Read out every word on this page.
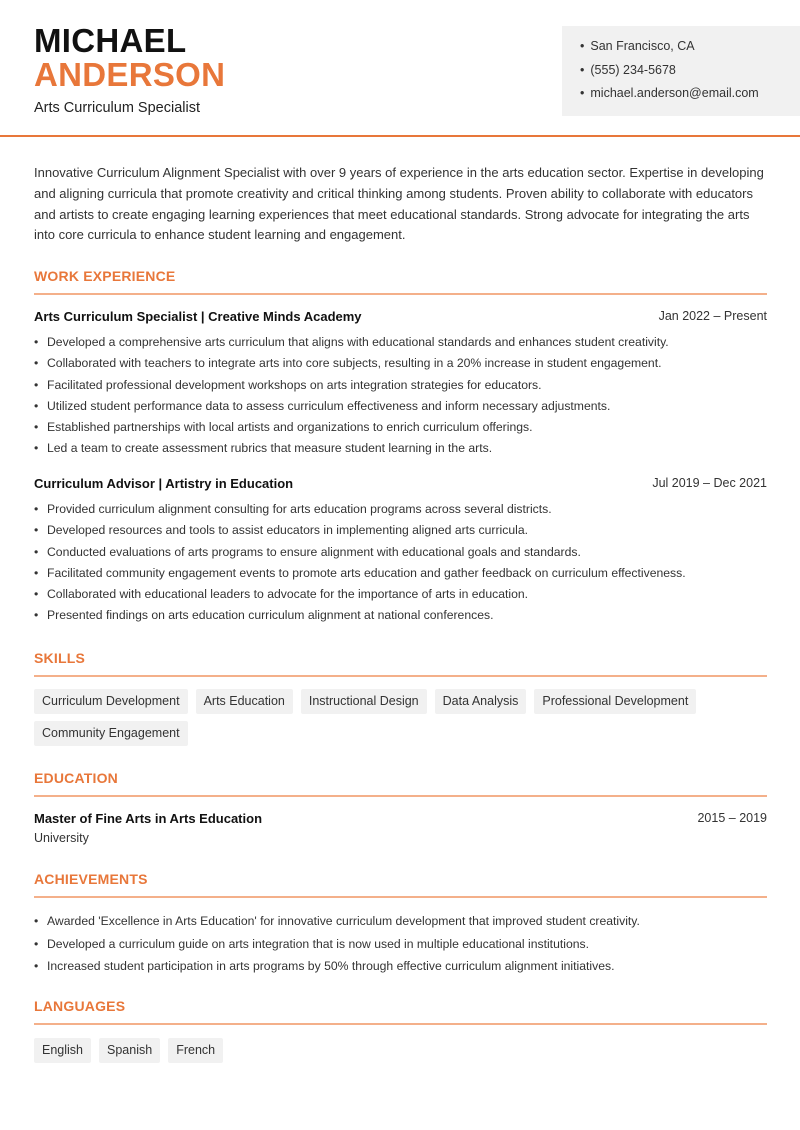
MICHAEL
ANDERSON
Arts Curriculum Specialist
• San Francisco, CA
• (555) 234-5678
• michael.anderson@email.com
Innovative Curriculum Alignment Specialist with over 9 years of experience in the arts education sector. Expertise in developing and aligning curricula that promote creativity and critical thinking among students. Proven ability to collaborate with educators and artists to create engaging learning experiences that meet educational standards. Strong advocate for integrating the arts into core curricula to enhance student learning and engagement.
WORK EXPERIENCE
Arts Curriculum Specialist | Creative Minds Academy	Jan 2022 – Present
• Developed a comprehensive arts curriculum that aligns with educational standards and enhances student creativity.
• Collaborated with teachers to integrate arts into core subjects, resulting in a 20% increase in student engagement.
• Facilitated professional development workshops on arts integration strategies for educators.
• Utilized student performance data to assess curriculum effectiveness and inform necessary adjustments.
• Established partnerships with local artists and organizations to enrich curriculum offerings.
• Led a team to create assessment rubrics that measure student learning in the arts.
Curriculum Advisor | Artistry in Education	Jul 2019 – Dec 2021
• Provided curriculum alignment consulting for arts education programs across several districts.
• Developed resources and tools to assist educators in implementing aligned arts curricula.
• Conducted evaluations of arts programs to ensure alignment with educational goals and standards.
• Facilitated community engagement events to promote arts education and gather feedback on curriculum effectiveness.
• Collaborated with educational leaders to advocate for the importance of arts in education.
• Presented findings on arts education curriculum alignment at national conferences.
SKILLS
Curriculum Development	Arts Education	Instructional Design	Data Analysis	Professional Development
Community Engagement
EDUCATION
Master of Fine Arts in Arts Education
University
2015 – 2019
ACHIEVEMENTS
• Awarded 'Excellence in Arts Education' for innovative curriculum development that improved student creativity.
• Developed a curriculum guide on arts integration that is now used in multiple educational institutions.
• Increased student participation in arts programs by 50% through effective curriculum alignment initiatives.
LANGUAGES
English	Spanish	French
